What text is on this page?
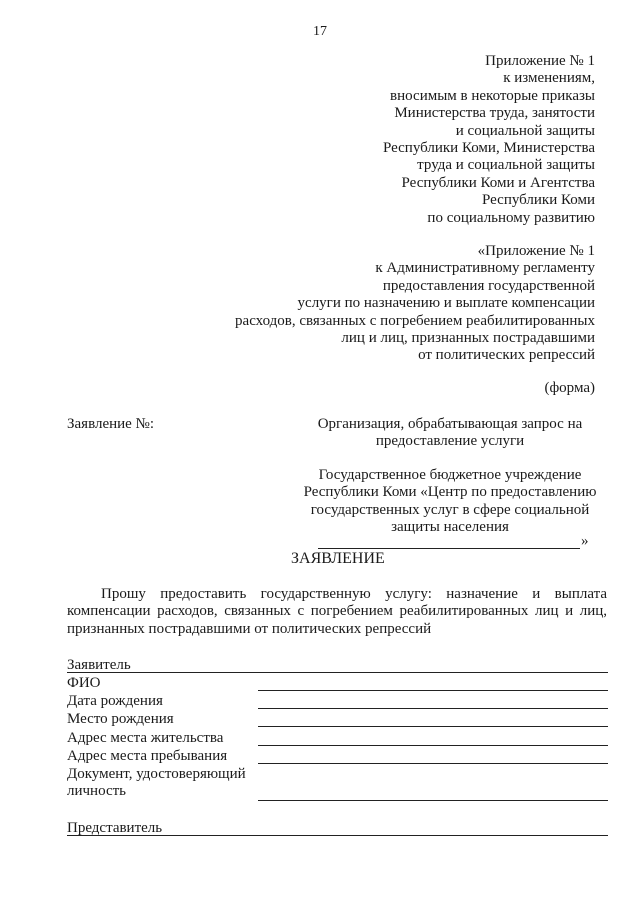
17
Приложение № 1
к изменениям,
вносимым в некоторые приказы
Министерства труда, занятости
и социальной защиты
Республики Коми, Министерства
труда и социальной защиты
Республики Коми и Агентства
Республики Коми
по социальному развитию
«Приложение № 1
к Административному регламенту
предоставления государственной
услуги по назначению и выплате компенсации
расходов, связанных с погребением реабилитированных
лиц и лиц, признанных пострадавшими
от политических репрессий
(форма)
Заявление №:	Организация, обрабатывающая запрос на
предоставление услуги
Государственное бюджетное учреждение
Республики Коми «Центр по предоставлению
государственных услуг в сфере социальной
защиты населения
»
ЗАЯВЛЕНИЕ
Прошу предоставить государственную услугу: назначение и выплата
компенсации расходов, связанных с погребением реабилитированных лиц и лиц,
признанных пострадавшими от политических репрессий
Заявитель
ФИО
Дата рождения
Место рождения
Адрес места жительства
Адрес места пребывания
Документ, удостоверяющий
личность
Представитель
